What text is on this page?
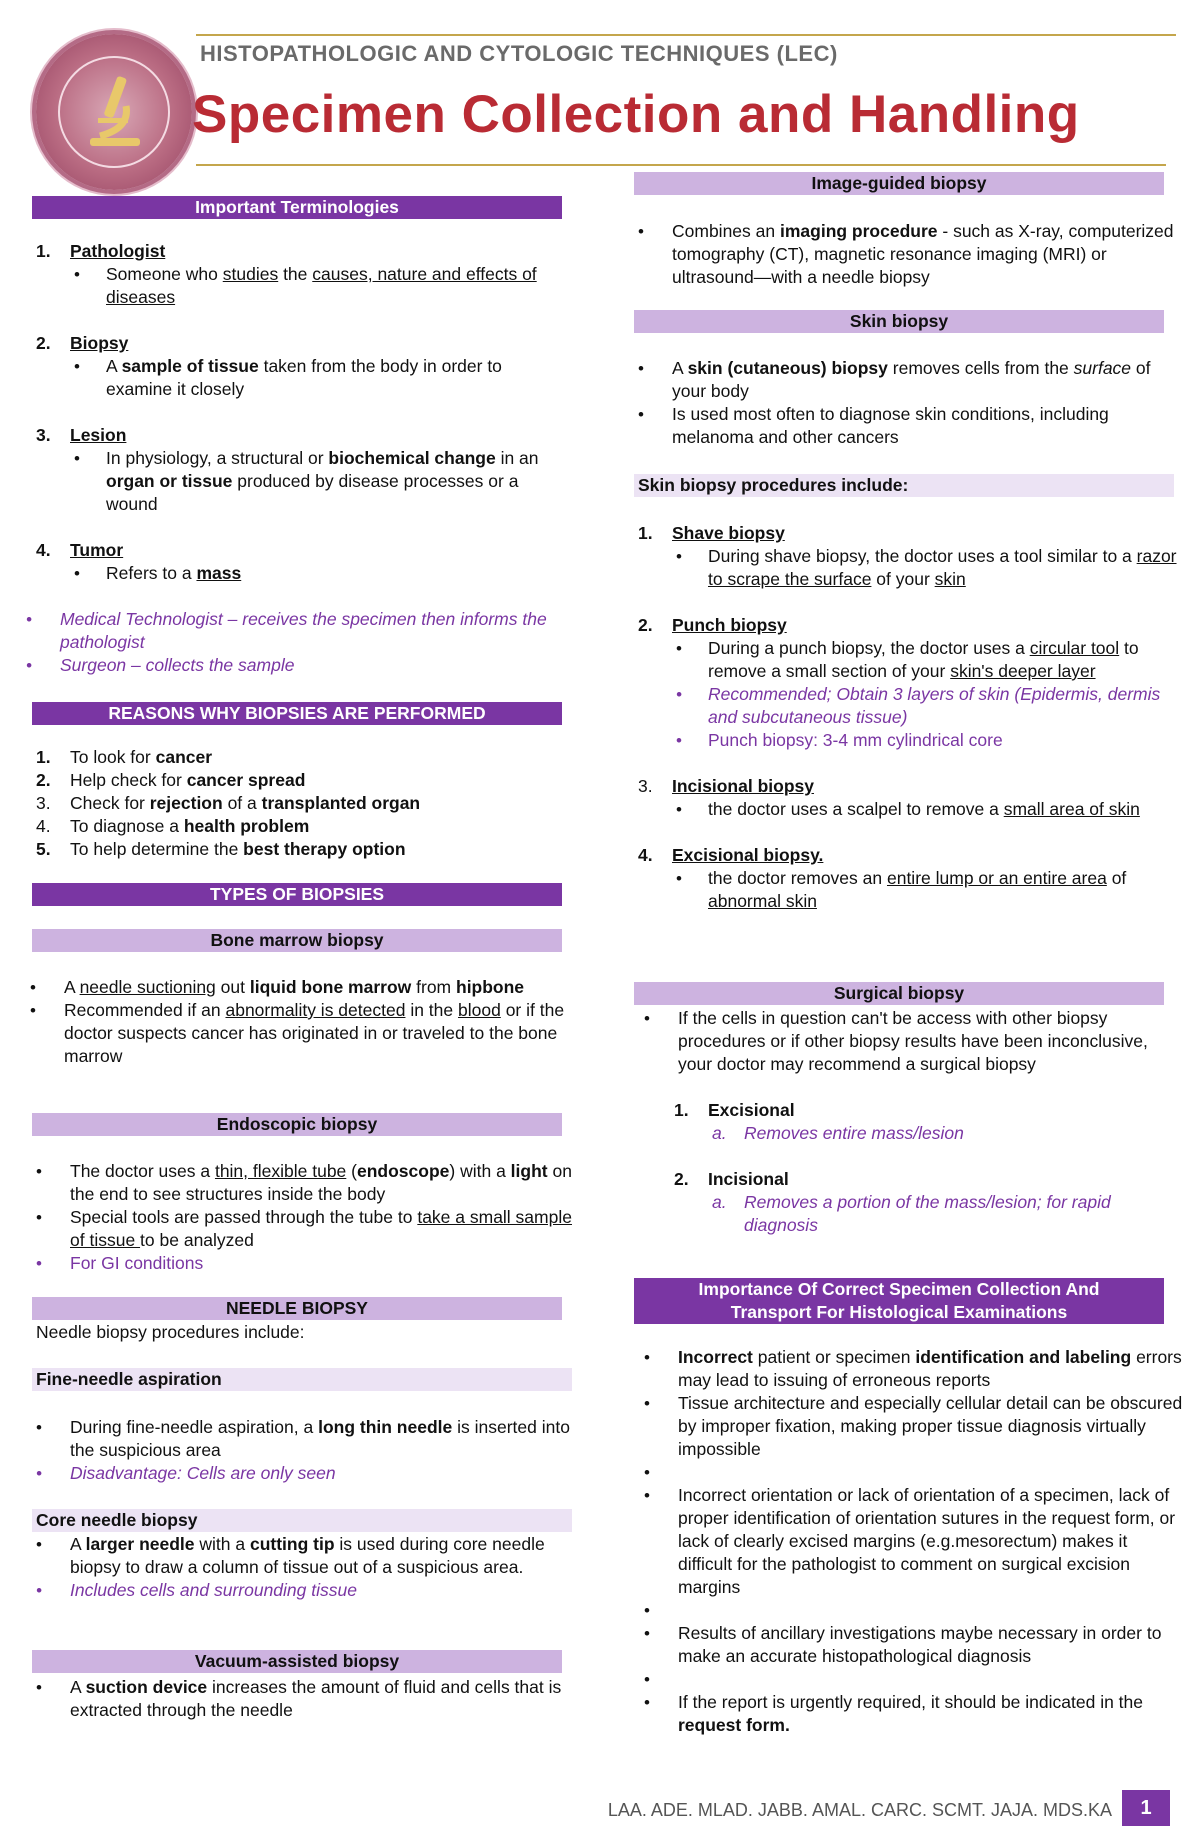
HISTOPATHOLOGIC AND CYTOLOGIC TECHNIQUES (LEC)
Specimen Collection and Handling
Important Terminologies
1. Pathologist
• Someone who studies the causes, nature and effects of diseases
2. Biopsy
• A sample of tissue taken from the body in order to examine it closely
3. Lesion
• In physiology, a structural or biochemical change in an organ or tissue produced by disease processes or a wound
4. Tumor
• Refers to a mass
• Medical Technologist – receives the specimen then informs the pathologist
• Surgeon – collects the sample
REASONS WHY BIOPSIES ARE PERFORMED
1. To look for cancer
2. Help check for cancer spread
3. Check for rejection of a transplanted organ
4. To diagnose a health problem
5. To help determine the best therapy option
TYPES OF BIOPSIES
Bone marrow biopsy
• A needle suctioning out liquid bone marrow from hipbone
• Recommended if an abnormality is detected in the blood or if the doctor suspects cancer has originated in or traveled to the bone marrow
Endoscopic biopsy
• The doctor uses a thin, flexible tube (endoscope) with a light on the end to see structures inside the body
• Special tools are passed through the tube to take a small sample of tissue to be analyzed
• For GI conditions
NEEDLE BIOPSY
Needle biopsy procedures include:
Fine-needle aspiration
• During fine-needle aspiration, a long thin needle is inserted into the suspicious area
• Disadvantage: Cells are only seen
Core needle biopsy
• A larger needle with a cutting tip is used during core needle biopsy to draw a column of tissue out of a suspicious area.
• Includes cells and surrounding tissue
Vacuum-assisted biopsy
• A suction device increases the amount of fluid and cells that is extracted through the needle
Image-guided biopsy
• Combines an imaging procedure - such as X-ray, computerized tomography (CT), magnetic resonance imaging (MRI) or ultrasound—with a needle biopsy
Skin biopsy
• A skin (cutaneous) biopsy removes cells from the surface of your body
• Is used most often to diagnose skin conditions, including melanoma and other cancers
Skin biopsy procedures include:
1. Shave biopsy
• During shave biopsy, the doctor uses a tool similar to a razor to scrape the surface of your skin
2. Punch biopsy
• During a punch biopsy, the doctor uses a circular tool to remove a small section of your skin's deeper layer
• Recommended; Obtain 3 layers of skin (Epidermis, dermis and subcutaneous tissue)
• Punch biopsy: 3-4 mm cylindrical core
3. Incisional biopsy
• the doctor uses a scalpel to remove a small area of skin
4. Excisional biopsy.
• the doctor removes an entire lump or an entire area of abnormal skin
Surgical biopsy
• If the cells in question can't be access with other biopsy procedures or if other biopsy results have been inconclusive, your doctor may recommend a surgical biopsy
1. Excisional
a. Removes entire mass/lesion
2. Incisional
a. Removes a portion of the mass/lesion; for rapid diagnosis
Importance Of Correct Specimen Collection And
Transport For Histological Examinations
• Incorrect patient or specimen identification and labeling errors may lead to issuing of erroneous reports
• Tissue architecture and especially cellular detail can be obscured by improper fixation, making proper tissue diagnosis virtually impossible
•
• Incorrect orientation or lack of orientation of a specimen, lack of proper identification of orientation sutures in the request form, or lack of clearly excised margins (e.g.mesorectum) makes it difficult for the pathologist to comment on surgical excision margins
•
• Results of ancillary investigations maybe necessary in order to make an accurate histopathological diagnosis
•
• If the report is urgently required, it should be indicated in the request form.
LAA. ADE. MLAD. JABB. AMAL. CARC. SCMT. JAJA. MDS.KA	1
